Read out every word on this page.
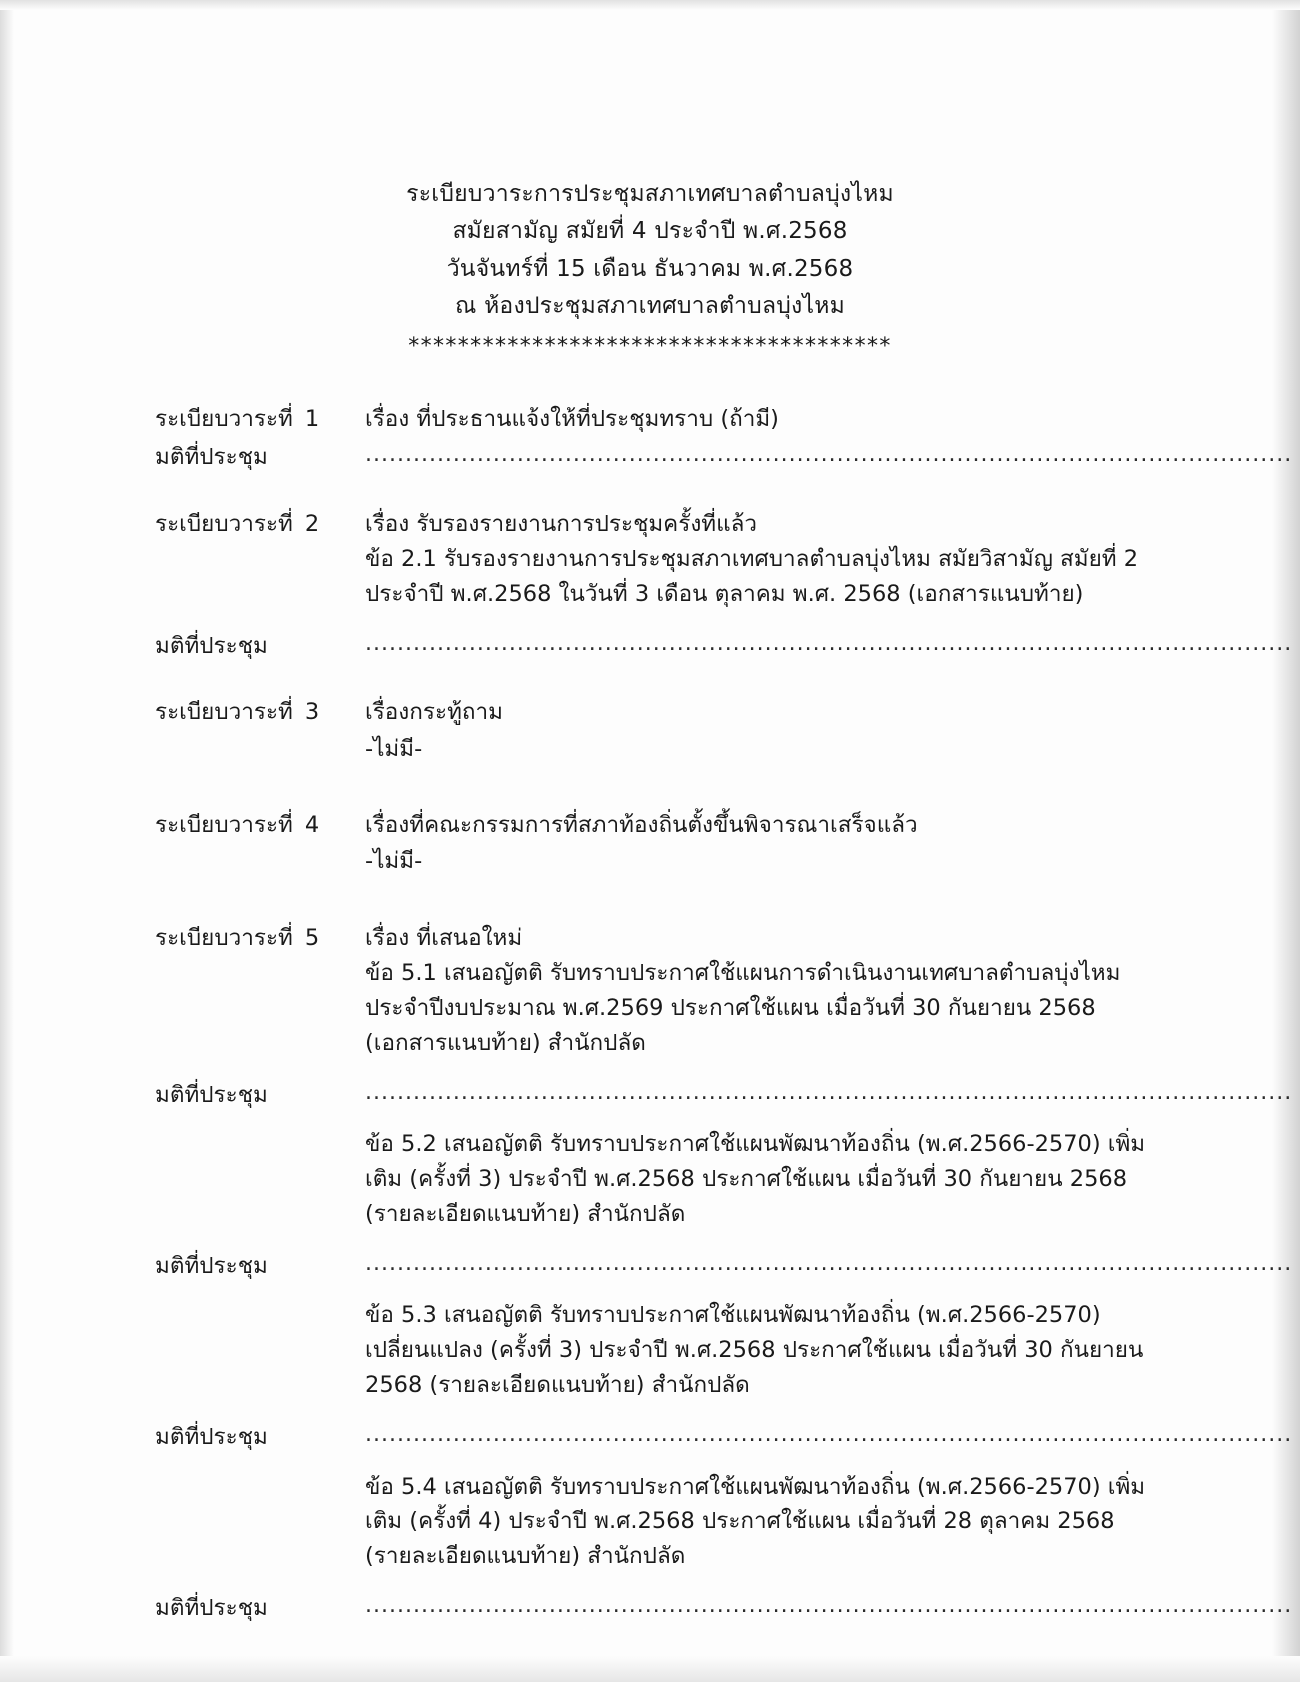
ระเบียบวาระการประชุมสภาเทศบาลตำบลบุ่งไหม
สมัยสามัญ สมัยที่ 4 ประจำปี พ.ศ.2568
วันจันทร์ที่ 15 เดือน ธันวาคม พ.ศ.2568
ณ ห้องประชุมสภาเทศบาลตำบลบุ่งไหม
***************************************
ระเบียบวาระที่ 1	เรื่อง ที่ประธานแจ้งให้ที่ประชุมทราบ (ถ้ามี)

มติที่ประชุม	....................................................................................................................
ระเบียบวาระที่ 2	เรื่อง รับรองรายงานการประชุมครั้งที่แล้ว

ข้อ 2.1 รับรองรายงานการประชุมสภาเทศบาลตำบลบุ่งไหม สมัยวิสามัญ สมัยที่ 2 ประจำปี พ.ศ.2568 ในวันที่ 3 เดือน ตุลาคม พ.ศ. 2568 (เอกสารแนบท้าย)

มติที่ประชุม	....................................................................................................................
ระเบียบวาระที่ 3	เรื่องกระทู้ถาม

-ไม่มี-

ระเบียบวาระที่ 4	เรื่องที่คณะกรรมการที่สภาท้องถิ่นตั้งขึ้นพิจารณาเสร็จแล้ว

-ไม่มี-

ระเบียบวาระที่ 5	เรื่อง ที่เสนอใหม่

ข้อ 5.1 เสนอญัตติ รับทราบประกาศใช้แผนการดำเนินงานเทศบาลตำบลบุ่งไหม ประจำปีงบประมาณ พ.ศ.2569 ประกาศใช้แผน เมื่อวันที่ 30 กันยายน 2568 (เอกสารแนบท้าย) สำนักปลัด

มติที่ประชุม	....................................................................................................................

ข้อ 5.2 เสนอญัตติ รับทราบประกาศใช้แผนพัฒนาท้องถิ่น (พ.ศ.2566-2570) เพิ่มเติม (ครั้งที่ 3) ประจำปี พ.ศ.2568 ประกาศใช้แผน เมื่อวันที่ 30 กันยายน 2568 (รายละเอียดแนบท้าย) สำนักปลัด

มติที่ประชุม	....................................................................................................................

ข้อ 5.3 เสนอญัตติ รับทราบประกาศใช้แผนพัฒนาท้องถิ่น (พ.ศ.2566-2570) เปลี่ยนแปลง (ครั้งที่ 3) ประจำปี พ.ศ.2568 ประกาศใช้แผน เมื่อวันที่ 30 กันยายน 2568 (รายละเอียดแนบท้าย) สำนักปลัด

มติที่ประชุม	....................................................................................................................

ข้อ 5.4 เสนอญัตติ รับทราบประกาศใช้แผนพัฒนาท้องถิ่น (พ.ศ.2566-2570) เพิ่มเติม (ครั้งที่ 4) ประจำปี พ.ศ.2568 ประกาศใช้แผน เมื่อวันที่ 28 ตุลาคม 2568 (รายละเอียดแนบท้าย) สำนักปลัด

มติที่ประชุม	....................................................................................................................
